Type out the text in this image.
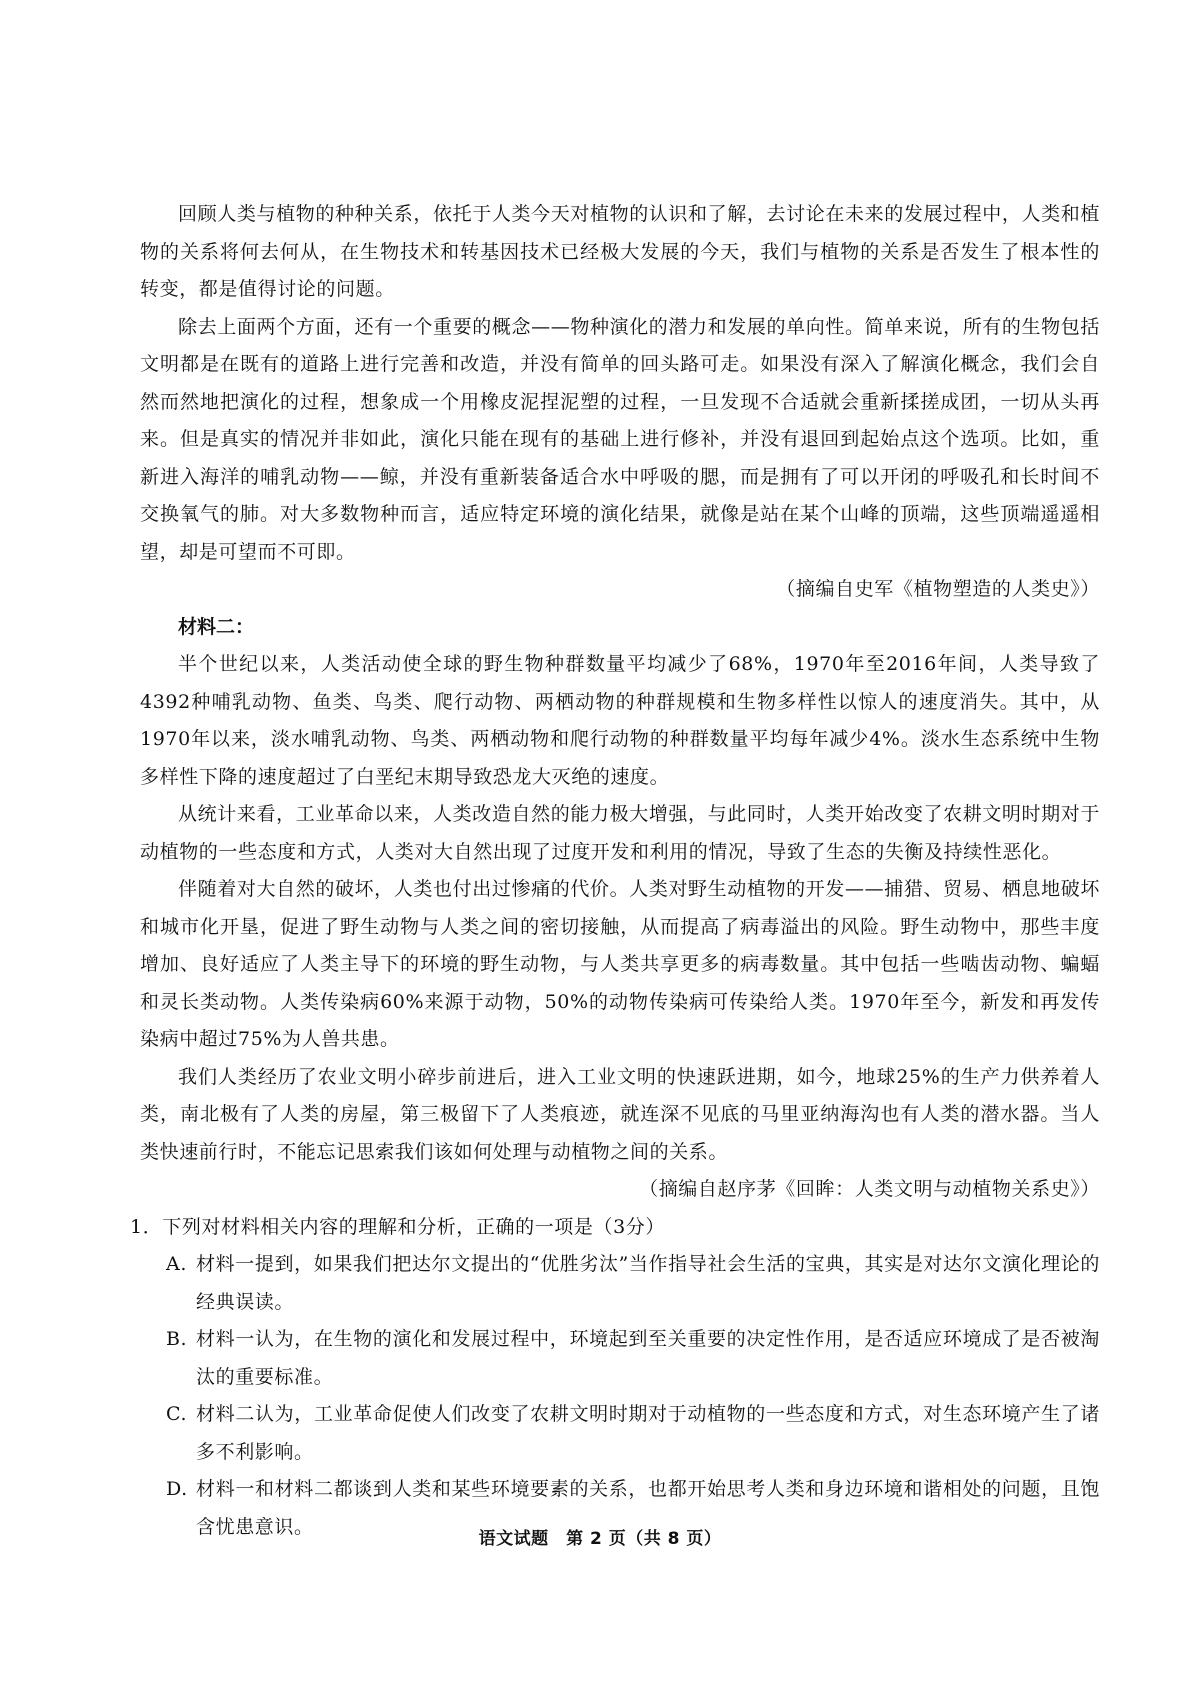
回顾人类与植物的种种关系，依托于人类今天对植物的认识和了解，去讨论在未来的发展过程中，人类和植物的关系将何去何从，在生物技术和转基因技术已经极大发展的今天，我们与植物的关系是否发生了根本性的转变，都是值得讨论的问题。

除去上面两个方面，还有一个重要的概念——物种演化的潜力和发展的单向性。简单来说，所有的生物包括文明都是在既有的道路上进行完善和改造，并没有简单的回头路可走。如果没有深入了解演化概念，我们会自然而然地把演化的过程，想象成一个用橡皮泥捏泥塑的过程，一旦发现不合适就会重新揉搓成团，一切从头再来。但是真实的情况并非如此，演化只能在现有的基础上进行修补，并没有退回到起始点这个选项。比如，重新进入海洋的哺乳动物——鲸，并没有重新装备适合水中呼吸的腮，而是拥有了可以开闭的呼吸孔和长时间不交换氧气的肺。对大多数物种而言，适应特定环境的演化结果，就像是站在某个山峰的顶端，这些顶端遥遥相望，却是可望而不可即。

（摘编自史军《植物塑造的人类史》）

材料二：

半个世纪以来，人类活动使全球的野生物种群数量平均减少了68%，1970年至2016年间，人类导致了4392种哺乳动物、鱼类、鸟类、爬行动物、两栖动物的种群规模和生物多样性以惊人的速度消失。其中，从1970年以来，淡水哺乳动物、鸟类、两栖动物和爬行动物的种群数量平均每年减少4%。淡水生态系统中生物多样性下降的速度超过了白垩纪末期导致恐龙大灭绝的速度。

从统计来看，工业革命以来，人类改造自然的能力极大增强，与此同时，人类开始改变了农耕文明时期对于动植物的一些态度和方式，人类对大自然出现了过度开发和利用的情况，导致了生态的失衡及持续性恶化。

伴随着对大自然的破坏，人类也付出过惨痛的代价。人类对野生动植物的开发——捕猎、贸易、栖息地破坏和城市化开垦，促进了野生动物与人类之间的密切接触，从而提高了病毒溢出的风险。野生动物中，那些丰度增加、良好适应了人类主导下的环境的野生动物，与人类共享更多的病毒数量。其中包括一些啮齿动物、蝙蝠和灵长类动物。人类传染病60%来源于动物，50%的动物传染病可传染给人类。1970年至今，新发和再发传染病中超过75%为人兽共患。

我们人类经历了农业文明小碎步前进后，进入工业文明的快速跃进期，如今，地球25%的生产力供养着人类，南北极有了人类的房屋，第三极留下了人类痕迹，就连深不见底的马里亚纳海沟也有人类的潜水器。当人类快速前行时，不能忘记思索我们该如何处理与动植物之间的关系。

（摘编自赵序茅《回眸：人类文明与动植物关系史》）

1．下列对材料相关内容的理解和分析，正确的一项是（3分）

A. 材料一提到，如果我们把达尔文提出的“优胜劣汰”当作指导社会生活的宝典，其实是对达尔文演化理论的经典误读。

B. 材料一认为，在生物的演化和发展过程中，环境起到至关重要的决定性作用，是否适应环境成了是否被淘汰的重要标准。

C. 材料二认为，工业革命促使人们改变了农耕文明时期对于动植物的一些态度和方式，对生态环境产生了诸多不利影响。

D. 材料一和材料二都谈到人类和某些环境要素的关系，也都开始思考人类和身边环境和谐相处的问题，且饱含忧患意识。

语文试题　第 2 页（共 8 页）
